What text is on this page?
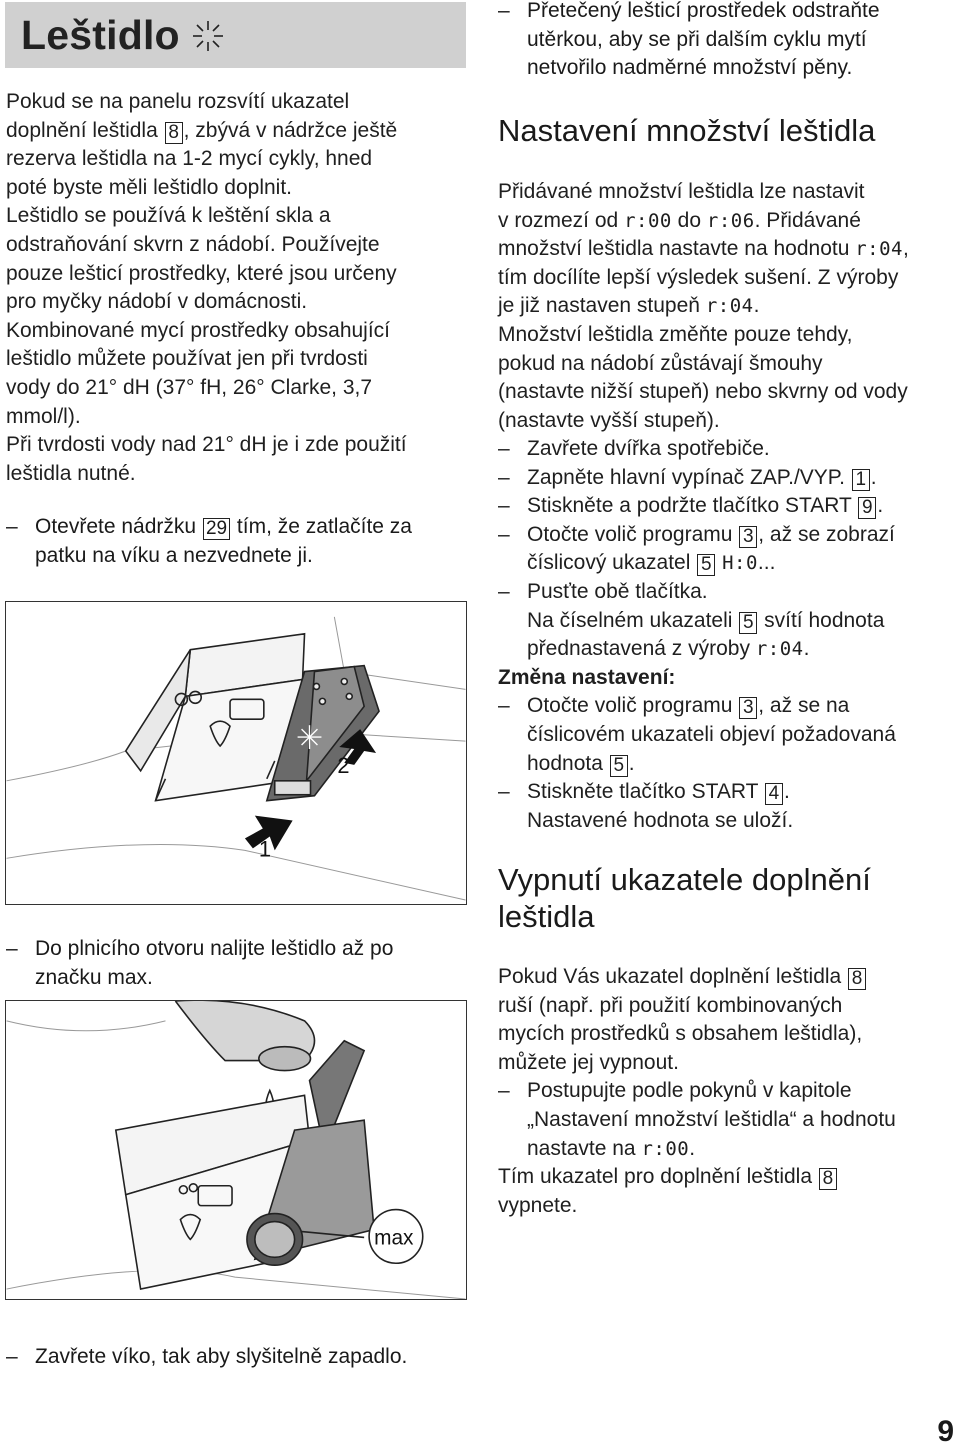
Leštidlo
Pokud se na panelu rozsvítí ukazatel
doplnění leštidla 8 , zbývá v nádržce ještě
rezerva leštidla na 1-2 mycí cykly, hned
poté byste měli leštidlo doplnit.
Leštidlo se používá k leštění skla a
odstraňování skvrn z nádobí. Používejte
pouze lešticí prostředky, které jsou určeny
pro myčky nádobí v domácnosti.
Kombinované mycí prostředky obsahující
leštidlo můžete používat jen při tvrdosti
vody do 21° dH (37° fH, 26° Clarke, 3,7
mmol/l).
Při tvrdosti vody nad 21° dH je i zde použití
leštidla nutné.
– Otevřete nádržku 29 tím, že zatlačíte za
patku na víku a nezvednete ji.
2
1
– Do plnicího otvoru nalijte leštidlo až po
značku max.
max
– Zavřete víko, tak aby slyšitelně zapadlo.
– Přetečený lešticí prostředek odstraňte
utěrkou, aby se při dalším cyklu mytí
netvořilo nadměrné množství pěny.
Nastavení množství leštidla
Přidávané množství leštidla lze nastavit
v rozmezí od r:00 do r:06. Přidávané
množství leštidla nastavte na hodnotu r:04,
tím docílíte lepší výsledek sušení. Z výroby
je již nastaven stupeň r:04.
Množství leštidla změňte pouze tehdy,
pokud na nádobí zůstávají šmouhy
(nastavte nižší stupeň) nebo skvrny od vody
(nastavte vyšší stupeň).
– Zavřete dvířka spotřebiče.
– Zapněte hlavní vypínač ZAP./VYP. 1 .
– Stiskněte a podržte tlačítko START 9 .
– Otočte volič programu 3 , až se zobrazí
číslicový ukazatel 5 H:0...
– Pusťte obě tlačítka.
Na číselném ukazateli 5 svítí hodnota
přednastavená z výroby r:04.
Změna nastavení:
– Otočte volič programu 3 , až se na
číslicovém ukazateli objeví požadovaná
hodnota 5 .
– Stiskněte tlačítko START 4 .
Nastavené hodnota se uloží.
Vypnutí ukazatele doplnění
leštidla
Pokud Vás ukazatel doplnění leštidla 8
ruší (např. při použití kombinovaných
mycích prostředků s obsahem leštidla),
můžete jej vypnout.
– Postupujte podle pokynů v kapitole
„Nastavení množství leštidla“ a hodnotu
nastavte na r:00.
Tím ukazatel pro doplnění leštidla 8
vypnete.
9
